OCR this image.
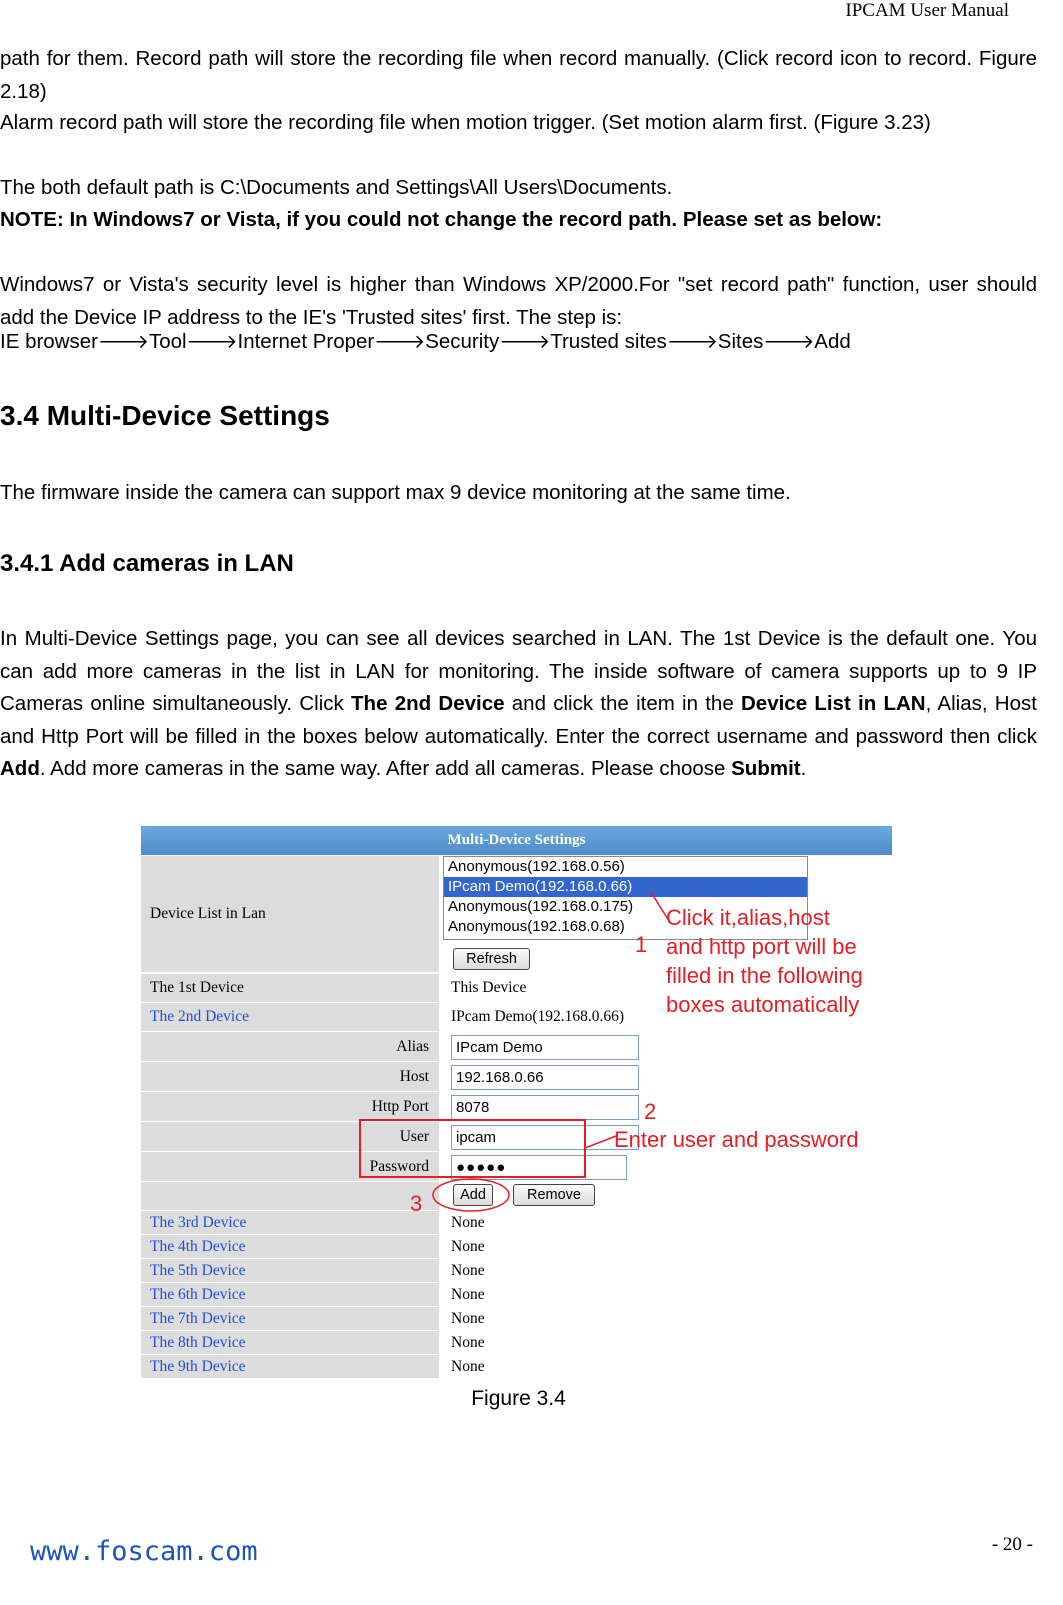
IPCAM User Manual

path for them. Record path will store the recording file when record manually. (Click record icon to record. Figure 2.18)

Alarm record path will store the recording file when motion trigger. (Set motion alarm first. (Figure 3.23)

The both default path is C:\Documents and Settings\All Users\Documents.

NOTE: In Windows7 or Vista, if you could not change the record path. Please set as below:

Windows7 or Vista's security level is higher than Windows XP/2000.For "set record path" function, user should add the Device IP address to the IE's 'Trusted sites' first. The step is:

IE browser🡒Tool🡒Internet Proper🡒Security🡒Trusted sites🡒Sites🡒Add

3.4 Multi-Device Settings

The firmware inside the camera can support max 9 device monitoring at the same time.

3.4.1 Add cameras in LAN

In Multi-Device Settings page, you can see all devices searched in LAN. The 1st Device is the default one. You can add more cameras in the list in LAN for monitoring. The inside software of camera supports up to 9 IP Cameras online simultaneously. Click The 2nd Device and click the item in the Device List in LAN, Alias, Host and Http Port will be filled in the boxes below automatically. Enter the correct username and password then click Add. Add more cameras in the same way. After add all cameras. Please choose Submit.

Multi-Device Settings
Device List in Lan
Anonymous(192.168.0.56)
IPcam Demo(192.168.0.66)
Anonymous(192.168.0.175)
Anonymous(192.168.0.68)
Refresh
The 1st Device	This Device
The 2nd Device	IPcam Demo(192.168.0.66)
Alias	IPcam Demo
Host	192.168.0.66
Http Port	8078
User	ipcam
Password	●●●●●
Add	Remove
The 3rd Device	None
The 4th Device	None
The 5th Device	None
The 6th Device	None
The 7th Device	None
The 8th Device	None
The 9th Device	None
1
Click it,alias,host
and http port will be
filled in the following
boxes automatically
2
Enter user and password
3
Figure 3.4
www.foscam.com	- 20 -
